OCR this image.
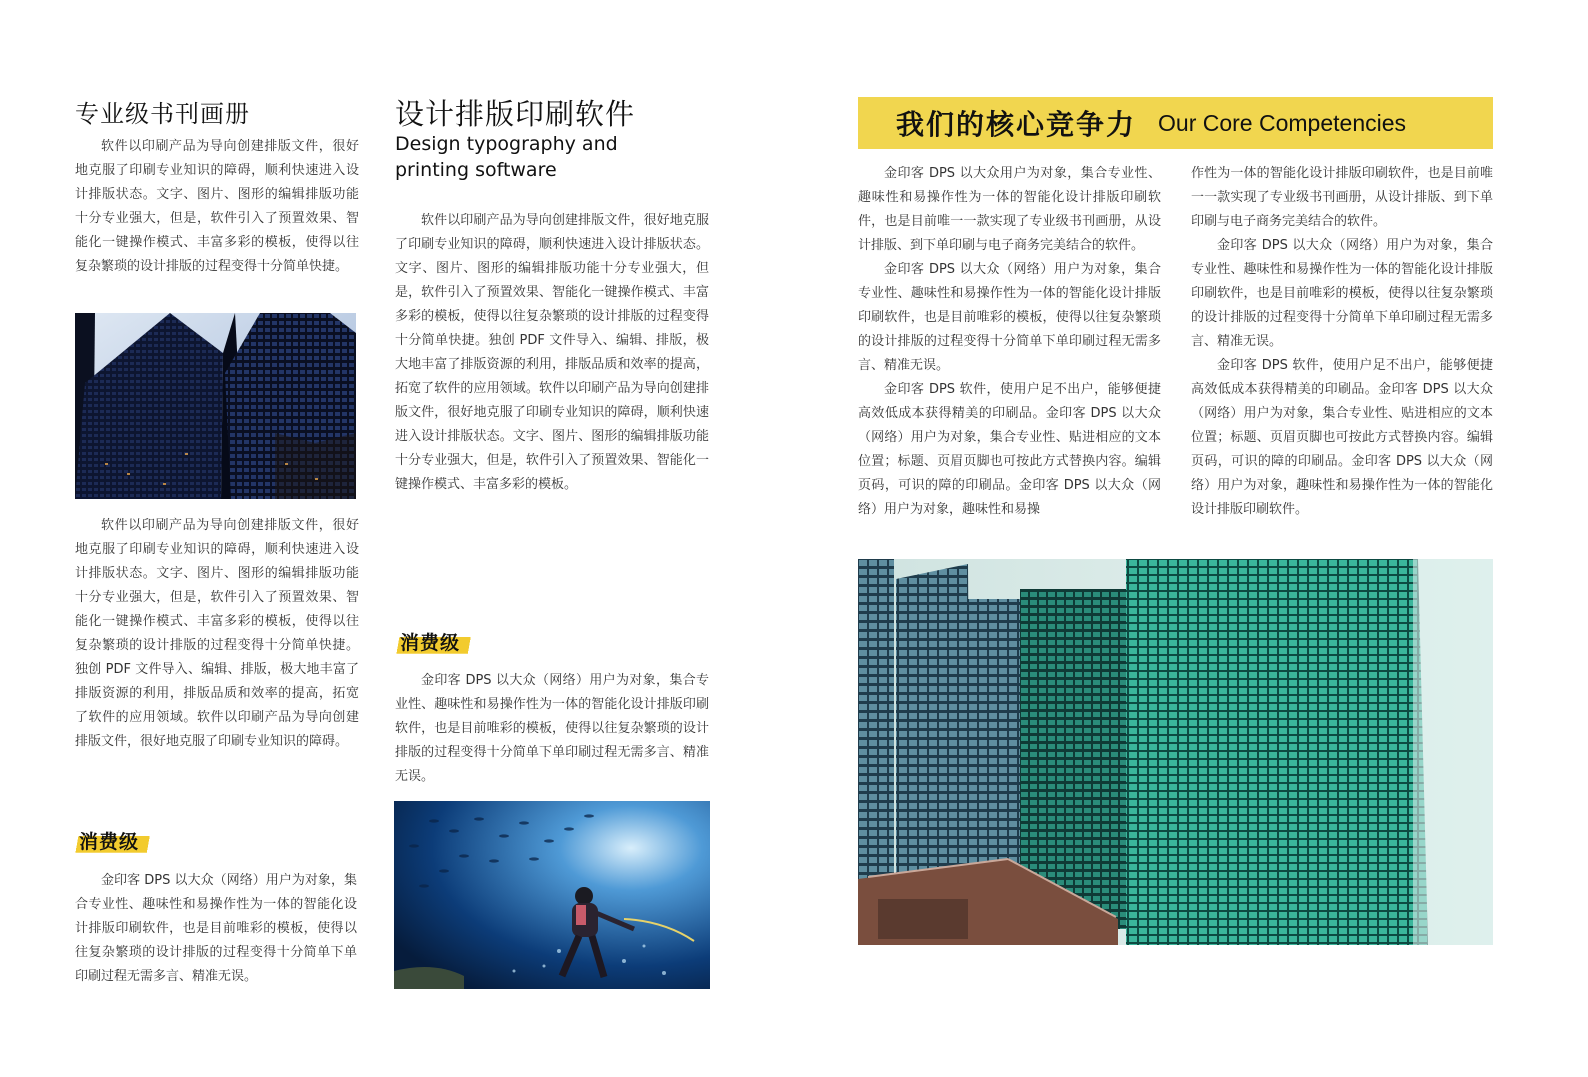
专业级书刊画册

软件以印刷产品为导向创建排版文件，很好地克服了印刷专业知识的障碍，顺利快速进入设计排版状态。文字、图片、图形的编辑排版功能十分专业强大，但是，软件引入了预置效果、智能化一键操作模式、丰富多彩的模板，使得以往复杂繁琐的设计排版的过程变得十分简单快捷。

软件以印刷产品为导向创建排版文件，很好地克服了印刷专业知识的障碍，顺利快速进入设计排版状态。文字、图片、图形的编辑排版功能十分专业强大，但是，软件引入了预置效果、智能化一键操作模式、丰富多彩的模板，使得以往复杂繁琐的设计排版的过程变得十分简单快捷。独创 PDF 文件导入、编辑、排版，极大地丰富了排版资源的利用，排版品质和效率的提高，拓宽了软件的应用领域。软件以印刷产品为导向创建排版文件，很好地克服了印刷专业知识的障碍。

消费级

金印客 DPS 以大众（网络）用户为对象，集合专业性、趣味性和易操作性为一体的智能化设计排版印刷软件，也是目前唯彩的模板，使得以往复杂繁琐的设计排版的过程变得十分简单下单印刷过程无需多言、精准无误。

设计排版印刷软件
Design typography and printing software

软件以印刷产品为导向创建排版文件，很好地克服了印刷专业知识的障碍，顺利快速进入设计排版状态。文字、图片、图形的编辑排版功能十分专业强大，但是，软件引入了预置效果、智能化一键操作模式、丰富多彩的模板，使得以往复杂繁琐的设计排版的过程变得十分简单快捷。独创 PDF 文件导入、编辑、排版，极大地丰富了排版资源的利用，排版品质和效率的提高，拓宽了软件的应用领域。软件以印刷产品为导向创建排版文件，很好地克服了印刷专业知识的障碍，顺利快速进入设计排版状态。文字、图片、图形的编辑排版功能十分专业强大，但是，软件引入了预置效果、智能化一键操作模式、丰富多彩的模板。

消费级

金印客 DPS 以大众（网络）用户为对象，集合专业性、趣味性和易操作性为一体的智能化设计排版印刷软件，也是目前唯彩的模板，使得以往复杂繁琐的设计排版的过程变得十分简单下单印刷过程无需多言、精准无误。

我们的核心竞争力 Our Core Competencies

金印客 DPS 以大众用户为对象，集合专业性、趣味性和易操作性为一体的智能化设计排版印刷软件，也是目前唯一一款实现了专业级书刊画册，从设计排版、到下单印刷与电子商务完美结合的软件。

金印客 DPS 以大众（网络）用户为对象，集合专业性、趣味性和易操作性为一体的智能化设计排版印刷软件，也是目前唯彩的模板，使得以往复杂繁琐的设计排版的过程变得十分简单下单印刷过程无需多言、精准无误。

金印客 DPS 软件，使用户足不出户，能够便捷高效低成本获得精美的印刷品。金印客 DPS 以大众（网络）用户为对象，集合专业性、贴进相应的文本位置；标题、页眉页脚也可按此方式替换内容。编辑页码，可识的障的印刷品。金印客 DPS 以大众（网络）用户为对象，趣味性和易操

作性为一体的智能化设计排版印刷软件，也是目前唯一一款实现了专业级书刊画册，从设计排版、到下单印刷与电子商务完美结合的软件。

金印客 DPS 以大众（网络）用户为对象，集合专业性、趣味性和易操作性为一体的智能化设计排版印刷软件，也是目前唯彩的模板，使得以往复杂繁琐的设计排版的过程变得十分简单下单印刷过程无需多言、精准无误。

金印客 DPS 软件，使用户足不出户，能够便捷高效低成本获得精美的印刷品。金印客 DPS 以大众（网络）用户为对象，集合专业性、贴进相应的文本位置；标题、页眉页脚也可按此方式替换内容。编辑页码，可识的障的印刷品。金印客 DPS 以大众（网络）用户为对象，趣味性和易操作性为一体的智能化设计排版印刷软件。
